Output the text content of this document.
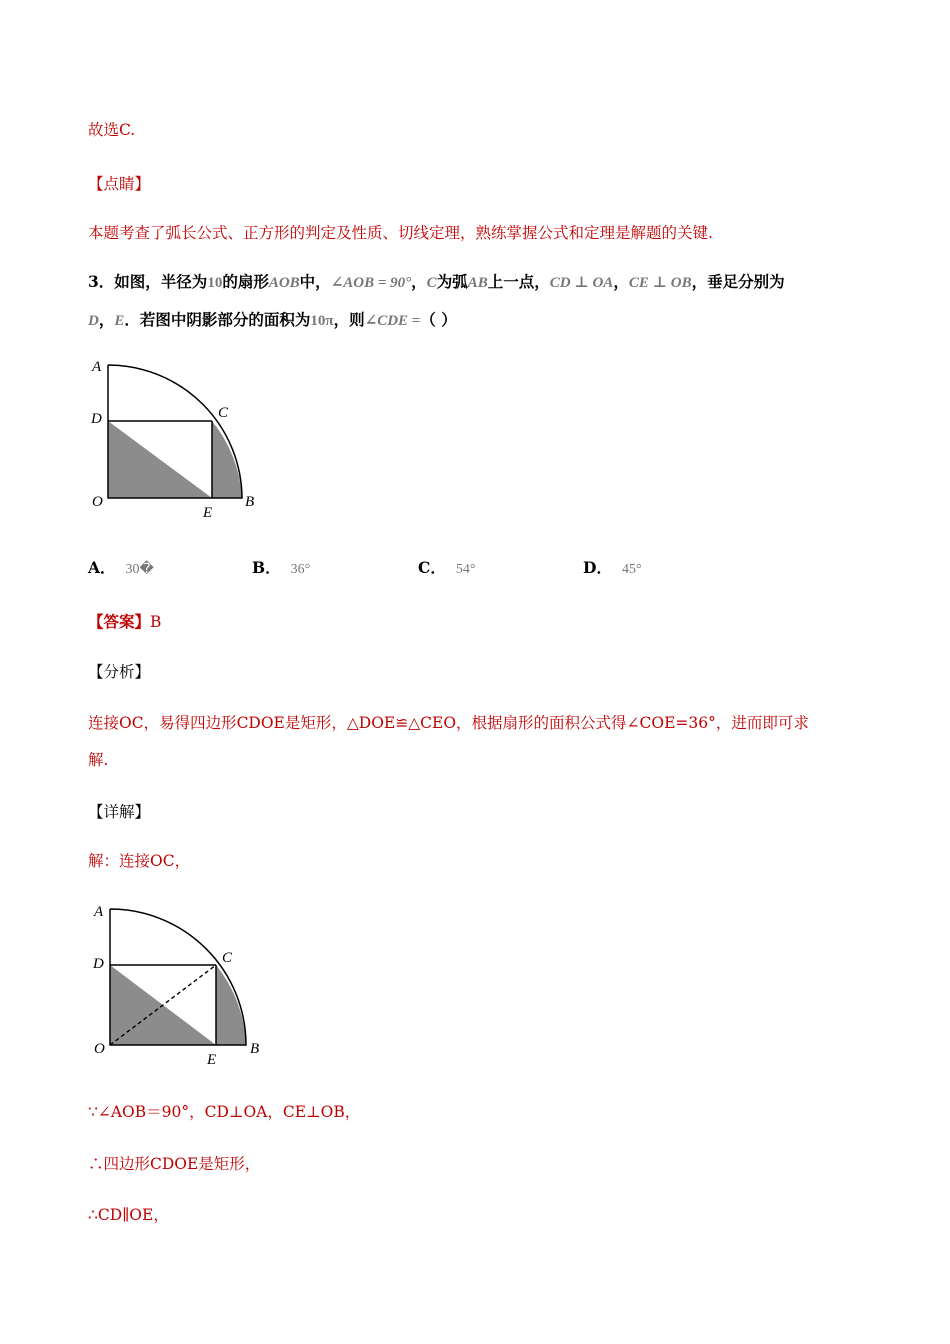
故选C.
【点睛】
本题考查了弧长公式、正方形的判定及性质、切线定理，熟练掌握公式和定理是解题的关键.
3．如图，半径为10的扇形AOB中，∠AOB = 90°，C为弧AB上一点，CD ⊥ OA，CE ⊥ OB，垂足分别为
D，E．若图中阴影部分的面积为10π，则∠CDE =（ ）
A
D	C
O
E
B
A． 30�	B． 36°	C． 54°	D． 45°
【答案】B
【分析】
连接OC，易得四边形CDOE是矩形，△DOE≌△CEO，根据扇形的面积公式得∠COE=36°，进而即可求
解.
【详解】
解：连接OC，
A
D	C
O
E
B
∵∠AOB＝90°，CD⊥OA，CE⊥OB，
∴四边形CDOE是矩形，
∴CD∥OE，
